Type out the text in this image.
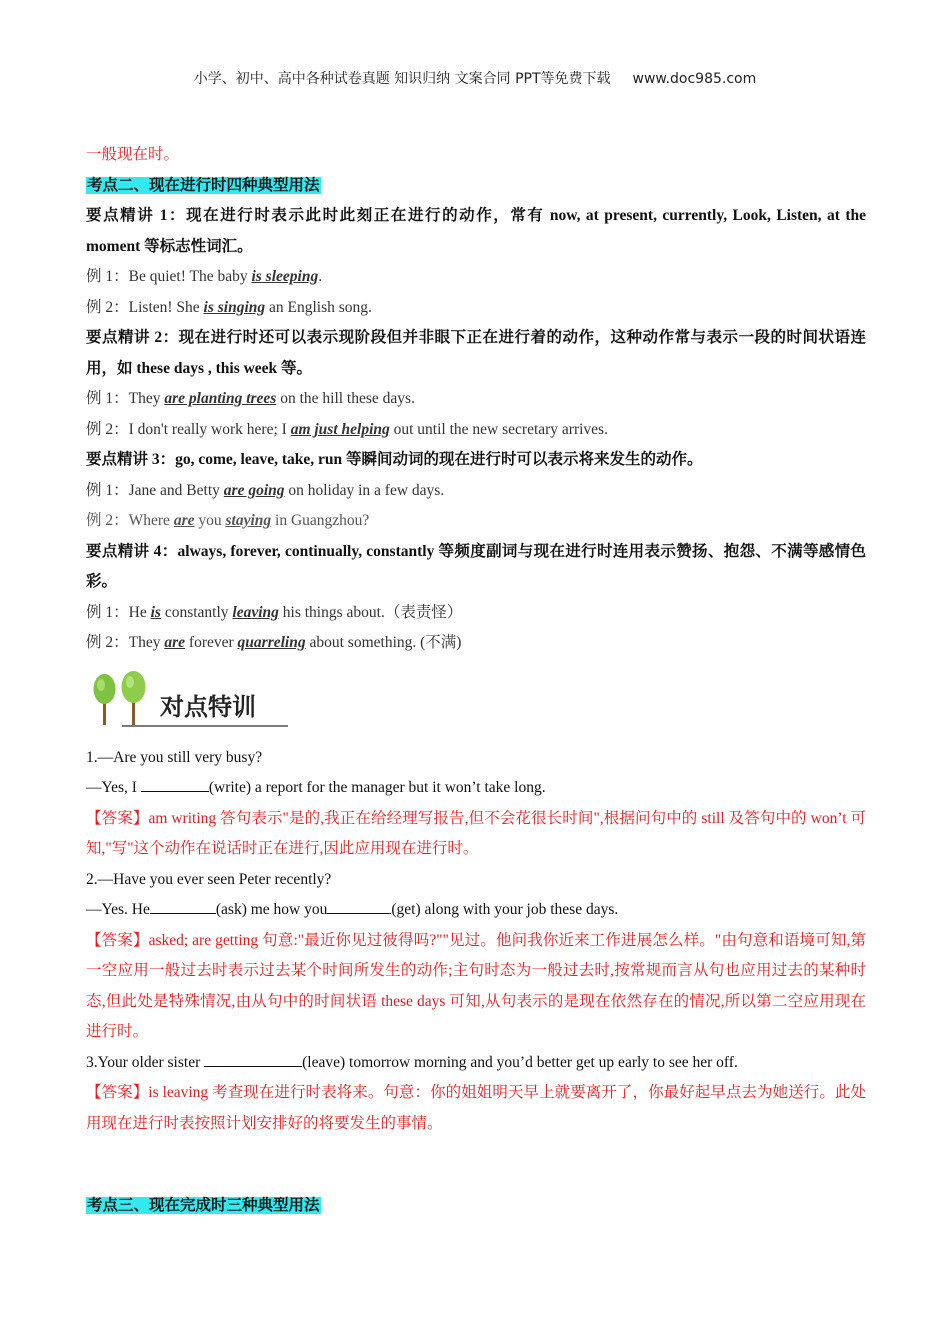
小学、初中、高中各种试卷真题 知识归纳 文案合同 PPT等免费下载 www.doc985.com
一般现在时。
考点二、现在进行时四种典型用法
要点精讲 1：现在进行时表示此时此刻正在进行的动作，常有 now, at present, currently, Look, Listen, at the moment 等标志性词汇。
例 1：Be quiet! The baby is sleeping.
例 2：Listen! She is singing an English song.
要点精讲 2：现在进行时还可以表示现阶段但并非眼下正在进行着的动作，这种动作常与表示一段的时间状语连用，如 these days , this week 等。
例 1：They are planting trees on the hill these days.
例 2：I don't really work here; I am just helping out until the new secretary arrives.
要点精讲 3：go, come, leave, take, run 等瞬间动词的现在进行时可以表示将来发生的动作。
例 1：Jane and Betty are going on holiday in a few days.
例 2：Where are you staying in Guangzhou?
要点精讲 4：always, forever, continually, constantly 等频度副词与现在进行时连用表示赞扬、抱怨、不满等感情色彩。
例 1：He is constantly leaving his things about.（表责怪）
例 2：They are forever quarreling about something. (不满)
对点特训
1.—Are you still very busy?
—Yes, I	(write) a report for the manager but it won’t take long.
【答案】am writing 答句表示"是的,我正在给经理写报告,但不会花很长时间",根据问句中的 still 及答句中的 won’t 可知,"写"这个动作在说话时正在进行,因此应用现在进行时。
2.—Have you ever seen Peter recently?
—Yes. He	(ask) me how you	(get) along with your job these days.
【答案】asked; are getting 句意:"最近你见过彼得吗?""见过。他问我你近来工作进展怎么样。"由句意和语境可知,第一空应用一般过去时表示过去某个时间所发生的动作;主句时态为一般过去时,按常规而言从句也应用过去的某种时态,但此处是特殊情况,由从句中的时间状语 these days 可知,从句表示的是现在依然存在的情况,所以第二空应用现在进行时。
3.Your older sister	(leave) tomorrow morning and you’d better get up early to see her off.
【答案】is leaving 考查现在进行时表将来。句意：你的姐姐明天早上就要离开了，你最好起早点去为她送行。此处用现在进行时表按照计划安排好的将要发生的事情。
考点三、现在完成时三种典型用法
